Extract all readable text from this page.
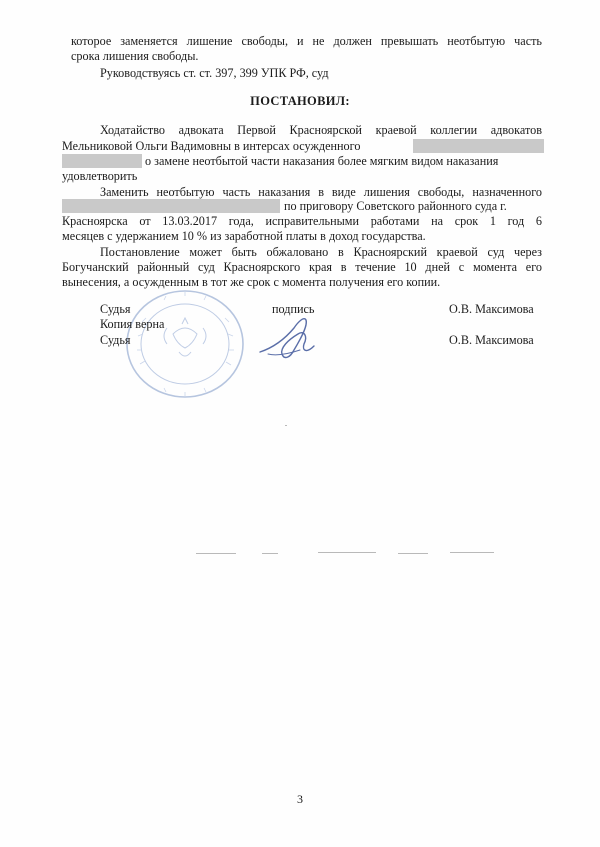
которое заменяется лишение свободы, и не должен превышать неотбытую часть
срока лишения свободы.
Руководствуясь ст. ст. 397, 399 УПК РФ, суд
ПОСТАНОВИЛ:
Ходатайство адвоката Первой Красноярской краевой коллегии адвокатов
Мельниковой Ольги Вадимовны в интерсах осужденного
о замене неотбытой части наказания более мягким видом наказания
удовлетворить
Заменить неотбытую часть наказания в виде лишения свободы, назначенного
по приговору Советского районного суда г.
Красноярска от 13.03.2017 года, исправительными работами на срок 1 год 6
месяцев с удержанием 10 % из заработной платы в доход государства.
Постановление может быть обжаловано в Красноярский краевой суд через
Богучанский районный суд Красноярского края в течение 10 дней с момента его
вынесения, а осужденным в тот же срок с момента получения его копии.
Судья	подпись	О.В. Максимова
Копия верна
Судья	О.В. Максимова
3
